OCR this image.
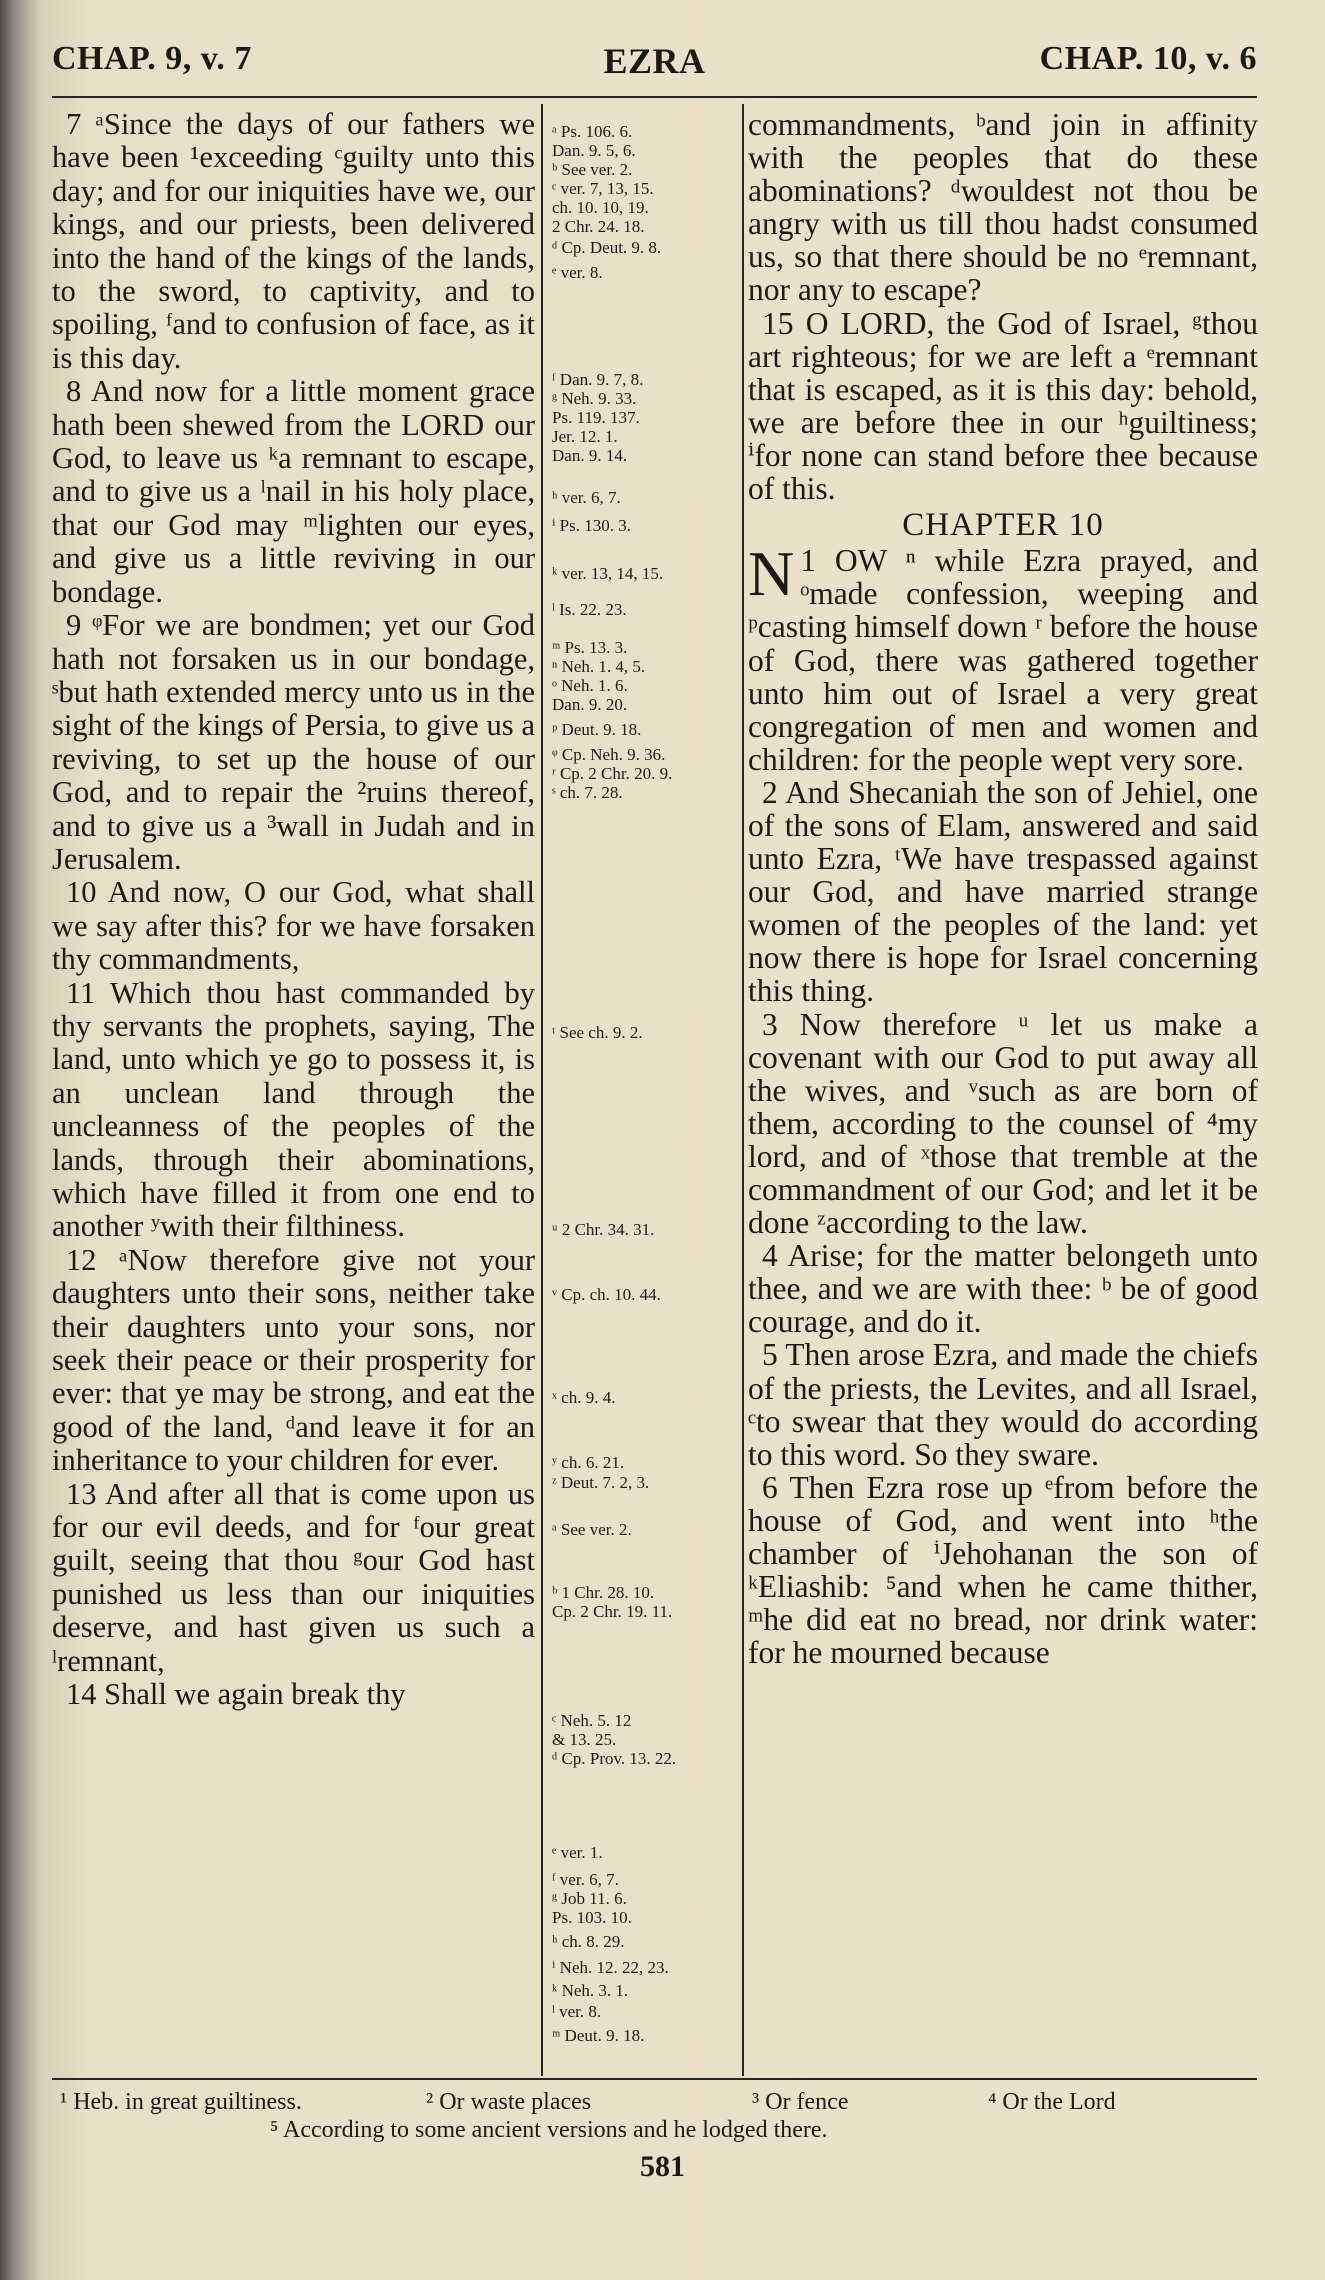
CHAP. 9, v. 7	EZRA	CHAP. 10, v. 6

7 ᵃSince the days of our fathers we have been ¹exceeding ᶜguilty unto this day; and for our iniquities have we, our kings, and our priests, been delivered into the hand of the kings of the lands, to the sword, to captivity, and to spoiling, ᶠand to confusion of face, as it is this day.

8 And now for a little moment grace hath been shewed from the LORD our God, to leave us ᵏa remnant to escape, and to give us a ˡnail in his holy place, that our God may ᵐlighten our eyes, and give us a little reviving in our bondage.

9 ᵠFor we are bondmen; yet our God hath not forsaken us in our bondage, ˢbut hath extended mercy unto us in the sight of the kings of Persia, to give us a reviving, to set up the house of our God, and to repair the ²ruins thereof, and to give us a ³wall in Judah and in Jerusalem.

10 And now, O our God, what shall we say after this? for we have forsaken thy commandments,

11 Which thou hast commanded by thy servants the prophets, saying, The land, unto which ye go to possess it, is an unclean land through the uncleanness of the peoples of the lands, through their abominations, which have filled it from one end to another ʸwith their filthiness.

12 ᵃNow therefore give not your daughters unto their sons, neither take their daughters unto your sons, nor seek their peace or their prosperity for ever: that ye may be strong, and eat the good of the land, ᵈand leave it for an inheritance to your children for ever.

13 And after all that is come upon us for our evil deeds, and for ᶠour great guilt, seeing that thou ᵍour God hast punished us less than our iniquities deserve, and hast given us such a ˡremnant,

14 Shall we again break thy

ᵃ Ps. 106. 6.
Dan. 9. 5, 6.
ᵇ See ver. 2.
ᶜ ver. 7, 13, 15.
ch. 10. 10, 19.
2 Chr. 24. 18.
ᵈ Cp. Deut. 9. 8.
ᵉ ver. 8.
ᶠ Dan. 9. 7, 8.
ᵍ Neh. 9. 33.
Ps. 119. 137.
Jer. 12. 1.
Dan. 9. 14.
ʰ ver. 6, 7.
ⁱ Ps. 130. 3.
ᵏ ver. 13, 14, 15.
ˡ Is. 22. 23.
ᵐ Ps. 13. 3.
ⁿ Neh. 1. 4, 5.
ᵒ Neh. 1. 6.
Dan. 9. 20.
ᵖ Deut. 9. 18.
ᵠ Cp. Neh. 9. 36.
ʳ Cp. 2 Chr. 20. 9.
ˢ ch. 7. 28.
ᵗ See ch. 9. 2.
ᵘ 2 Chr. 34. 31.
ᵛ Cp. ch. 10. 44.
ˣ ch. 9. 4.
ʸ ch. 6. 21.
ᶻ Deut. 7. 2, 3.
ᵃ See ver. 2.
ᵇ 1 Chr. 28. 10.
Cp. 2 Chr. 19. 11.
ᶜ Neh. 5. 12
& 13. 25.
ᵈ Cp. Prov. 13. 22.
ᵉ ver. 1.
ᶠ ver. 6, 7.
ᵍ Job 11. 6.
Ps. 103. 10.
ʰ ch. 8. 29.
ⁱ Neh. 12. 22, 23.
ᵏ Neh. 3. 1.
ˡ ver. 8.
ᵐ Deut. 9. 18.

commandments, ᵇand join in affinity with the peoples that do these abominations? ᵈwouldest not thou be angry with us till thou hadst consumed us, so that there should be no ᵉremnant, nor any to escape?

15 O LORD, the God of Israel, ᵍthou art righteous; for we are left a ᵉremnant that is escaped, as it is this day: behold, we are before thee in our ʰguiltiness; ⁱfor none can stand before thee because of this.

CHAPTER 10

1
N OW ⁿ while Ezra prayed, and ᵒmade confession, weeping and ᵖcasting himself down ʳ before the house of God, there was gathered together unto him out of Israel a very great congregation of men and women and children: for the people wept very sore.

2 And Shecaniah the son of Jehiel, one of the sons of Elam, answered and said unto Ezra, ᵗWe have trespassed against our God, and have married strange women of the peoples of the land: yet now there is hope for Israel concerning this thing.

3 Now therefore ᵘ let us make a covenant with our God to put away all the wives, and ᵛsuch as are born of them, according to the counsel of ⁴my lord, and of ˣthose that tremble at the commandment of our God; and let it be done ᶻaccording to the law.

4 Arise; for the matter belongeth unto thee, and we are with thee: ᵇ be of good courage, and do it.

5 Then arose Ezra, and made the chiefs of the priests, the Levites, and all Israel, ᶜto swear that they would do according to this word. So they sware.

6 Then Ezra rose up ᵉfrom before the house of God, and went into ʰthe chamber of ⁱJehohanan the son of ᵏEliashib: ⁵and when he came thither, ᵐhe did eat no bread, nor drink water: for he mourned because

¹ Heb. in great guiltiness.	² Or waste places	³ Or fence	⁴ Or the Lord
⁵ According to some ancient versions and he lodged there.
581
